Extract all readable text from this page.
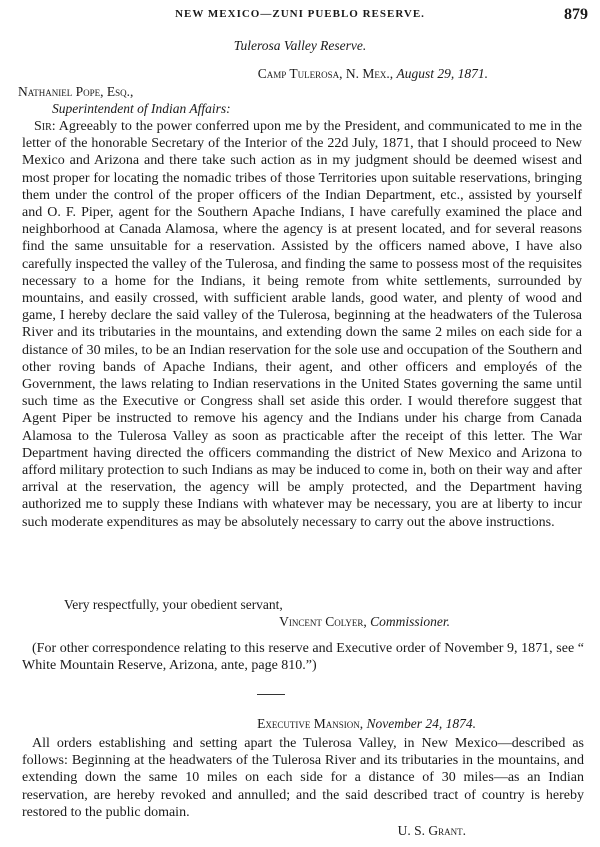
NEW MEXICO—ZUNI PUEBLO RESERVE.	879
Tulerosa Valley Reserve.
Camp Tulerosa, N. Mex., August 29, 1871.
Nathaniel Pope, Esq.,
Superintendent of Indian Affairs:
Sir: Agreeably to the power conferred upon me by the President, and communicated to me in the letter of the honorable Secretary of the Interior of the 22d July, 1871, that I should proceed to New Mexico and Arizona and there take such action as in my judgment should be deemed wisest and most proper for locating the nomadic tribes of those Territories upon suitable reservations, bringing them under the control of the proper officers of the Indian Department, etc., assisted by yourself and O. F. Piper, agent for the Southern Apache Indians, I have carefully examined the place and neighborhood at Canada Alamosa, where the agency is at present located, and for several reasons find the same unsuitable for a reservation. Assisted by the officers named above, I have also carefully inspected the valley of the Tulerosa, and finding the same to possess most of the requisites necessary to a home for the Indians, it being remote from white settlements, surrounded by mountains, and easily crossed, with sufficient arable lands, good water, and plenty of wood and game, I hereby declare the said valley of the Tulerosa, beginning at the headwaters of the Tulerosa River and its tributaries in the mountains, and extending down the same 2 miles on each side for a distance of 30 miles, to be an Indian reservation for the sole use and occupation of the Southern and other roving bands of Apache Indians, their agent, and other officers and employés of the Government, the laws relating to Indian reservations in the United States governing the same until such time as the Executive or Congress shall set aside this order. I would therefore suggest that Agent Piper be instructed to remove his agency and the Indians under his charge from Canada Alamosa to the Tulerosa Valley as soon as practicable after the receipt of this letter. The War Department having directed the officers commanding the district of New Mexico and Arizona to afford military protection to such Indians as may be induced to come in, both on their way and after arrival at the reservation, the agency will be amply protected, and the Department having authorized me to supply these Indians with whatever may be necessary, you are at liberty to incur such moderate expenditures as may be absolutely necessary to carry out the above instructions.
Very respectfully, your obedient servant,
Vincent Colyer, Commissioner.
(For other correspondence relating to this reserve and Executive order of November 9, 1871, see “ White Mountain Reserve, Arizona, ante, page 810.”)
Executive Mansion, November 24, 1874.
All orders establishing and setting apart the Tulerosa Valley, in New Mexico—described as follows: Beginning at the headwaters of the Tulerosa River and its tributaries in the mountains, and extending down the same 10 miles on each side for a distance of 30 miles—as an Indian reservation, are hereby revoked and annulled; and the said described tract of country is hereby restored to the public domain.
U. S. Grant.
